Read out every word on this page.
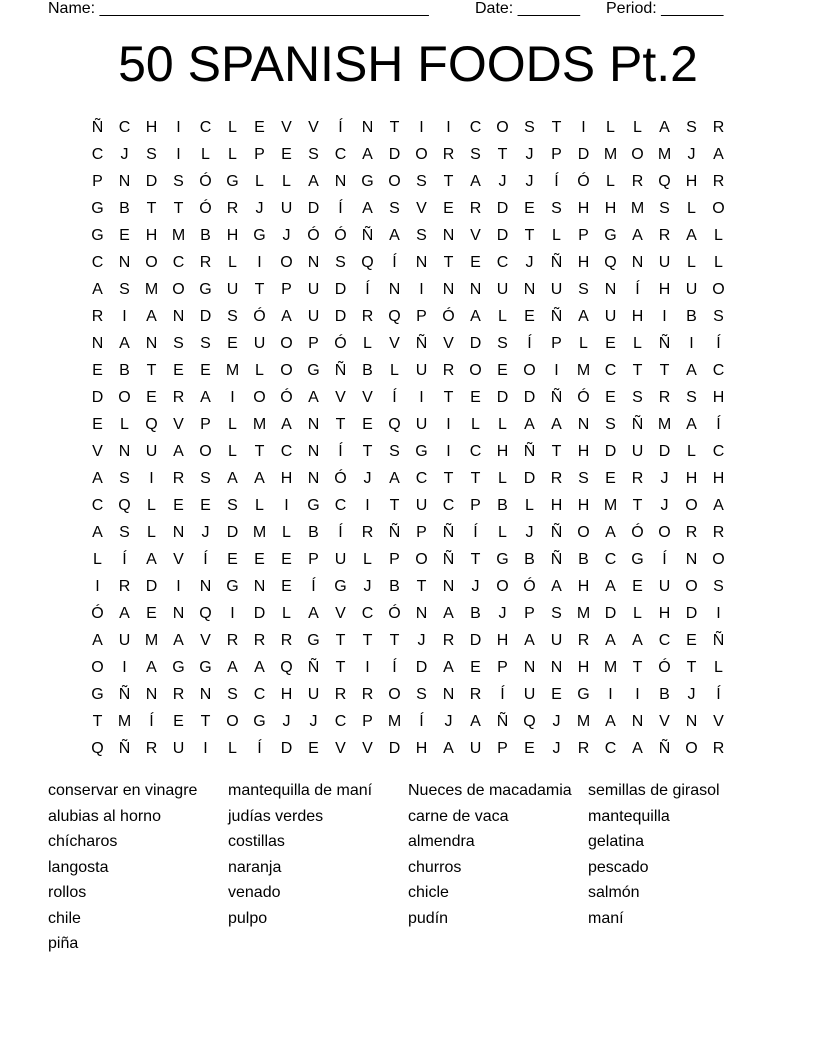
Name: _____________________________________	Date: _______ Period: _______
50 SPANISH FOODS Pt.2
Ñ C H	I	C	L	E	V	V	Í	N	T	I	I	C O S	T	I	L	L	A	S R
C	J	S	I	L	L	P	E	S C A D O R S	T	J	P D M O M	J	A
P N D S Ó G	L	L	A N G O S	T	A	J	J	Í	Ó	L	R Q H R
G B	T	T Ó R	J	U D	Í	A	S	V	E R D E	S H H M S	L	O
G E H M B H G	J	Ó Ó Ñ A	S N V D	T	L	P G A R A	L
C N O C R	L	I	O N S Q	Í	N	T	E C	J	Ñ H Q N U	L	L
A	S M O G U	T	P U D	Í	N	I	N N U N U S N	Í	H U O
R	I	A N D S Ó A U D R Q P Ó A	L	E Ñ A U H	I	B	S
N A N S	S	E U O P Ó	L	V Ñ V D S	Í	P	L	E	L	Ñ	I	Í
E	B	T	E	E M L	O G Ñ B	L	U R O E O	I	M C	T	T	A C
D O E R A	I	O Ó A	V	V	Í	I	T	E D D Ñ Ó E	S R S H
E	L	Q V	P	L M A N	T	E Q U	I	L	L	A	A N S Ñ M A	Í
V N U A O	L	T	C N	Í	T	S G	I	C H Ñ	T	H D U D	L	C
A	S	I	R S	A	A H N Ó	J	A C	T	T	L	D R S	E R	J	H H
C Q	L	E	E	S	L	I	G C	I	T	U C P	B	L	H H M T	J	O A
A	S	L	N	J	D M L	B	Í	R Ñ P Ñ	Í	L	J	Ñ O A Ó O R R
L	Í	A	V	Í	E	E	E	P U	L	P O Ñ	T G B Ñ B C G	Í	N O
I	R D	I	N G N E	Í	G	J	B	T	N	J	O Ó A H A	E U O S
Ó A	E N Q	I	D	L	A	V C Ó N A	B	J	P	S M D	L	H D	I
A U M A	V R R R G T	T	T	J	R D H A U R A	A C E Ñ
O	I	A G G A	A Q Ñ	T	I	Í	D A	E	P N N H M T Ó T	L
G Ñ N R N S C H U R R O S N R	Í	U E G	I	I	B	J	Í
T M	Í	E	T O G	J	J	C P M	Í	J	A Ñ Q	J	M A N V N V
Q Ñ R U	I	L	Í	D E	V	V D H A U P	E	J	R C A Ñ O R
conservar en vinagre	mantequilla de maní	Nueces de macadamia	semillas de girasol
alubias al horno	judías verdes	carne de vaca	mantequilla
chícharos	costillas	almendra	gelatina
langosta	naranja	churros	pescado
rollos	venado	chicle	salmón
chile	pulpo	pudín	maní
piña
